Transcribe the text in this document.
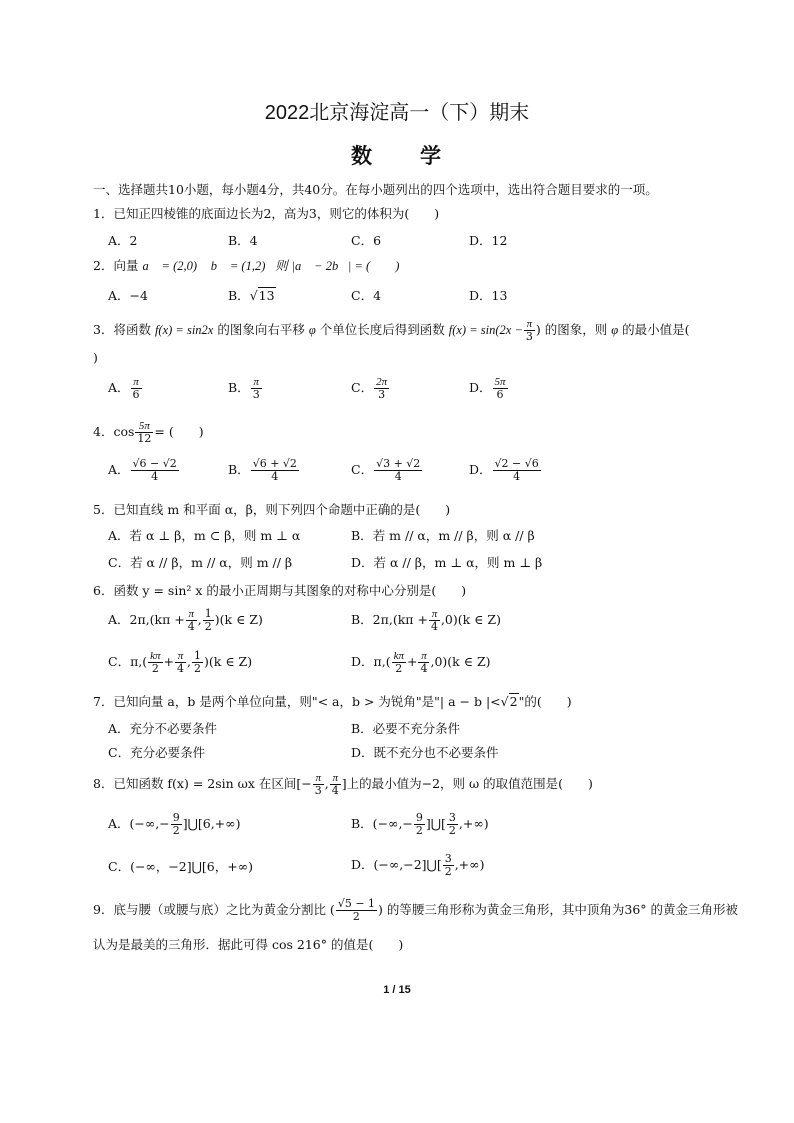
2022北京海淀高一（下）期末
数　　学
一、选择题共10小题，每小题4分，共40分。在每小题列出的四个选项中，选出符合题目要求的一项。
1．已知正四棱锥的底面边长为2，高为3，则它的体积为(　　)
A．2	B．4	C．6	D．12
2．向量 a⃗ = (2,0)， b⃗ = (1,2)，则 |a⃗ − 2b⃗| = (　　)
A．−4	B．√13	C．4	D．13
3．将函数 f(x) = sin2x 的图象向右平移 φ 个单位长度后得到函数 $f(x) = \sin(2x - \frac{\pi}{3}$ ) 的图象，则 φ 的最小值是(
)
A． $\frac{\pi}{6}$	B． $\frac{\pi}{3}$	C． $\frac{2\pi}{3}$	D． $\frac{5\pi}{6}$
4．$\cos \frac{5\pi}{12}$ = (　　)
A． $\frac{√6 - √2}{4}$	B． $\frac{√6 + √2}{4}$	C． $\frac{√3 + √2}{4}$	D． $\frac{√2 - √6}{4}$
5．已知直线 m 和平面 α，β，则下列四个命题中正确的是(　　)
A．若 α ⊥ β，m ⊂ β，则 m ⊥ α	B．若 m // α，m // β，则 α // β
C．若 α // β，m // α，则 m // β	D．若 α // β，m ⊥ α，则 m ⊥ β
6．函数 y = sin² x 的最小正周期与其图象的对称中心分别是(　　)
A．$2\pi,(k\pi + \frac{\pi}{4}$ , $\frac{1}{2} )(k$ ∈ Z)	B．$2\pi,(k\pi + \frac{\pi}{4} ,0)(k$ ∈ Z)
C．$\pi,( \frac{k\pi}{2} + \frac{\pi}{4}$ , $\frac{1}{2} )(k$ ∈ Z)	D．$\pi,( \frac{k\pi}{2} + \frac{\pi}{4} ,0)(k$ ∈ Z)
7．已知向量 a，b 是两个单位向量，则"< a，b > 为锐角"是"| a − b |<√2"的(　　)
A．充分不必要条件	B．必要不充分条件
C．充分必要条件	D．既不充分也不必要条件
8．已知函数 f(x) = 2sin ωx 在区间[− $\frac{\pi}{3}$ , $\frac{\pi}{4}$ ]上的最小值为−2，则 ω 的取值范围是(　　)
A．(−∞,− $\frac{9}{2}$ ]⋃[6,+∞)	B．(−∞,− $\frac{9}{2}$ ]⋃[ $\frac{3}{2}$ ,+∞)
C．(−∞，−2]⋃[6，+∞)	D．(−∞,−2]⋃[ $\frac{3}{2}$ ,+∞)
9．底与腰（或腰与底）之比为黄金分割比 ( $\frac{√5 - 1}{2}$ ) 的等腰三角形称为黄金三角形，其中顶角为36° 的黄金三角形被
认为是最美的三角形．据此可得 cos 216° 的值是(　　)
1 / 15
